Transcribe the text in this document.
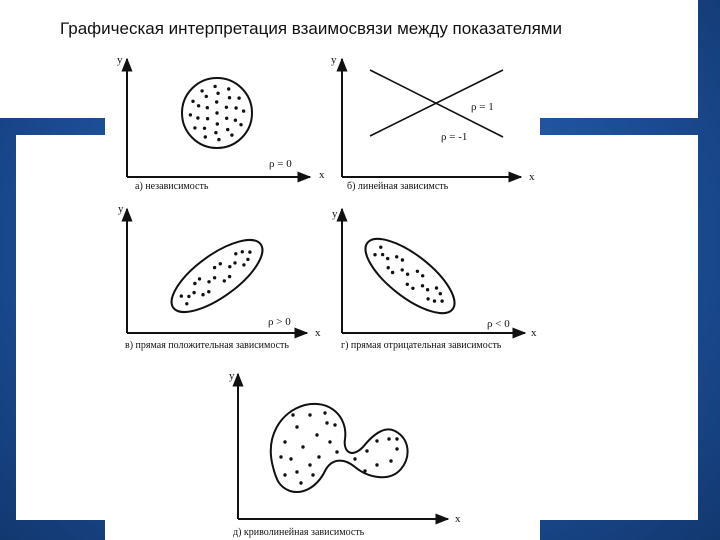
Графическая интерпретация взаимосвязи между показателями
y
x
ρ = 0
а) независимость
y
x
ρ = 1
ρ = -1
б) линейная зависимсть
y
x
ρ > 0
в) прямая положительная зависимость
y
x
ρ < 0
г) прямая отрицательная зависимость
y
x
д) криволинейная зависимость
